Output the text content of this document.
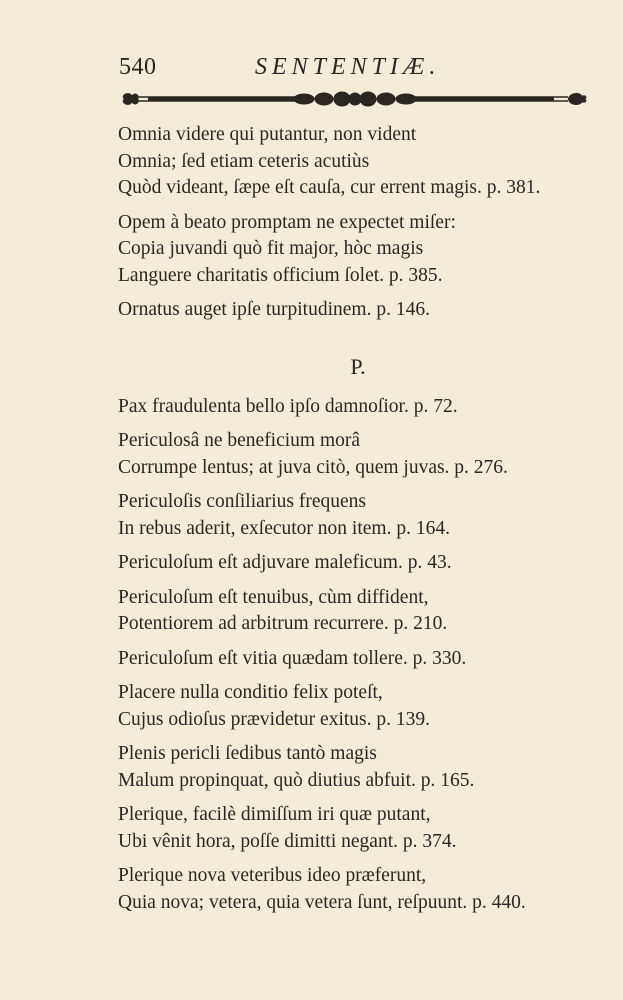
540	SENTENTIÆ.
Omnia videre qui putantur, non vident
Omnia; ſed etiam ceteris acutiùs
Quòd videant, ſæpe eſt cauſa, cur errent magis. p. 381.
Opem à beato promptam ne expectet miſer:
Copia juvandi quò fit major, hòc magis
Languere charitatis officium ſolet. p. 385.
Ornatus auget ipſe turpitudinem. p. 146.
P.
Pax fraudulenta bello ipſo damnoſior. p. 72.
Periculosâ ne beneficium morâ
Corrumpe lentus; at juva citò, quem juvas. p. 276.
Periculoſis conſiliarius frequens
In rebus aderit, exſecutor non item. p. 164.
Periculoſum eſt adjuvare maleficum. p. 43.
Periculoſum eſt tenuibus, cùm diffident,
Potentiorem ad arbitrum recurrere. p. 210.
Periculoſum eſt vitia quædam tollere. p. 330.
Placere nulla conditio felix poteſt,
Cujus odioſus prævidetur exitus. p. 139.
Plenis pericli ſedibus tantò magis
Malum propinquat, quò diutius abfuit. p. 165.
Plerique, facilè dimiſſum iri quæ putant,
Ubi vênit hora, poſſe dimitti negant. p. 374.
Plerique nova veteribus ideo præferunt,
Quia nova; vetera, quia vetera ſunt, reſpuunt. p. 440.
